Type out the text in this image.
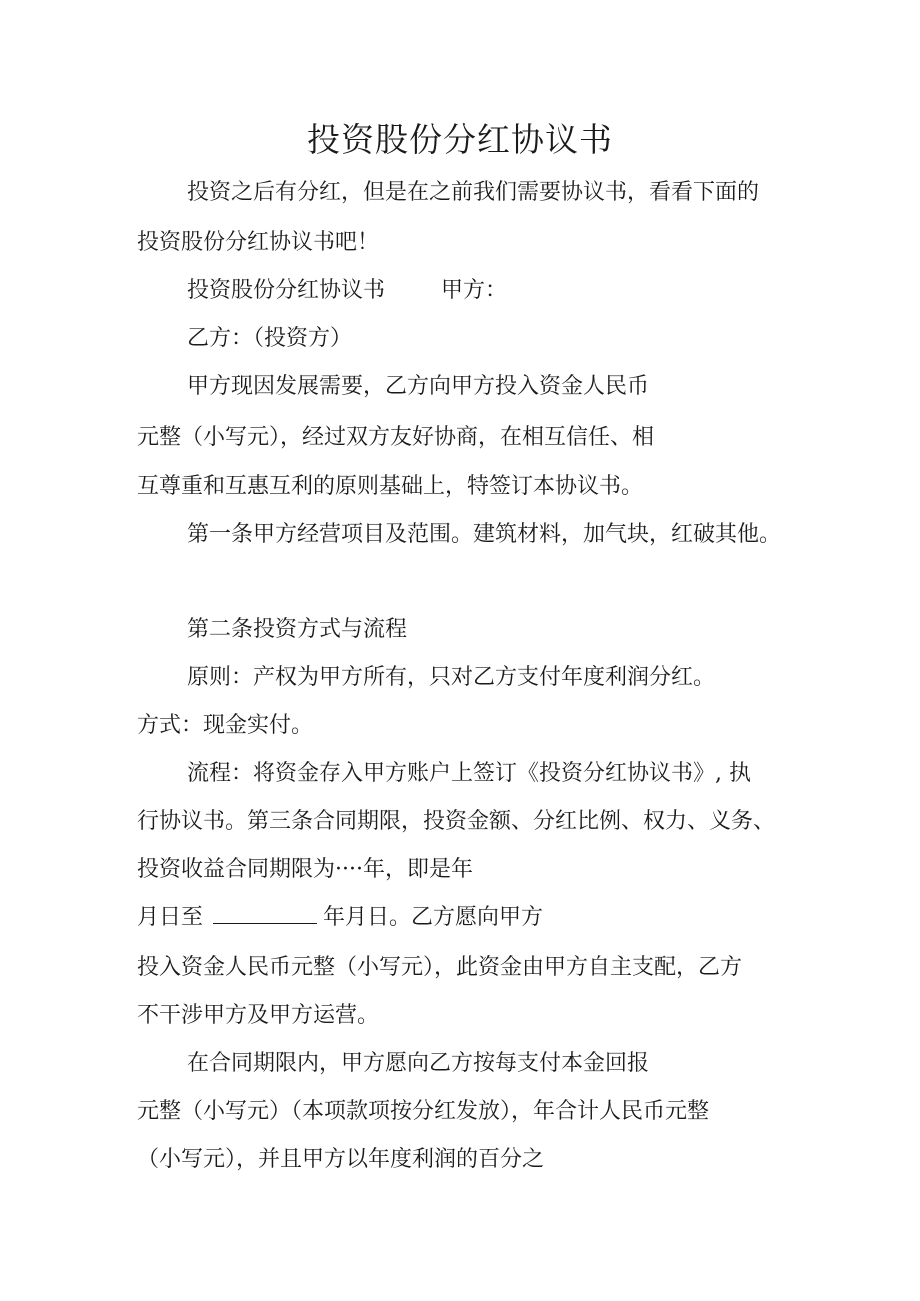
投资股份分红协议书
投资之后有分红，但是在之前我们需要协议书，看看下面的
投资股份分红协议书吧！
投资股份分红协议书	甲方：
乙方：（投资方）
甲方现因发展需要，乙方向甲方投入资金人民币
元整（小写元），经过双方友好协商，在相互信任、相
互尊重和互惠互利的原则基础上，特签订本协议书。
第一条甲方经营项目及范围。建筑材料，加气块，红破其他。
第二条投资方式与流程
原则：产权为甲方所有，只对乙方支付年度利润分红。
方式：现金实付。
流程：将资金存入甲方账户上签订《投资分红协议书》, 执
行协议书。第三条合同期限，投资金额、分红比例、权力、义务、
投资收益合同期限为····年，即是年
月日至	年月日。乙方愿向甲方
投入资金人民币元整（小写元），此资金由甲方自主支配，乙方
不干涉甲方及甲方运营。
在合同期限内，甲方愿向乙方按每支付本金回报
元整（小写元）（本项款项按分红发放），年合计人民币元整
（小写元），并且甲方以年度利润的百分之
